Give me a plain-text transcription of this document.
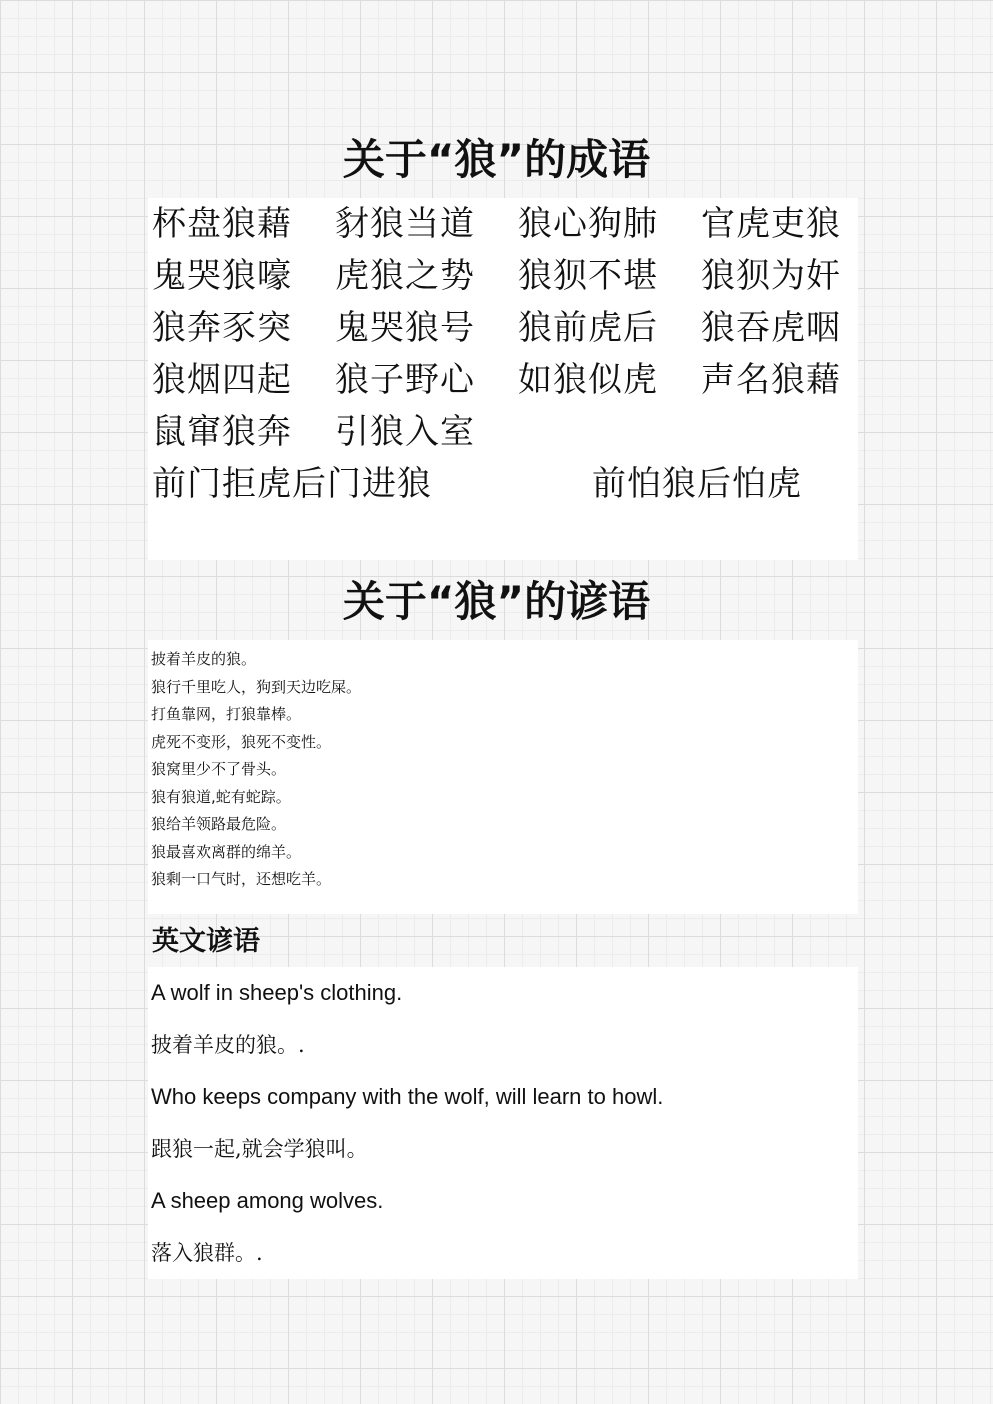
关于“狼”的成语
杯盘狼藉 豺狼当道 狼心狗肺 官虎吏狼
鬼哭狼嚎 虎狼之势 狼狈不堪 狼狈为奸
狼奔豕突 鬼哭狼号 狼前虎后 狼吞虎咽
狼烟四起 狼子野心 如狼似虎 声名狼藉
鼠窜狼奔 引狼入室
前门拒虎后门进狼	前怕狼后怕虎
关于“狼”的谚语
披着羊皮的狼。
狼行千里吃人，狗到天边吃屎。
打鱼靠网，打狼靠棒。
虎死不变形，狼死不变性。
狼窝里少不了骨头。
狼有狼道,蛇有蛇踪。
狼给羊领路最危险。
狼最喜欢离群的绵羊。
狼剩一口气时，还想吃羊。
英文谚语
A wolf in sheep's clothing.
披着羊皮的狼。.
Who keeps company with the wolf, will learn to howl.
跟狼一起,就会学狼叫。
A sheep among wolves.
落入狼群。.
